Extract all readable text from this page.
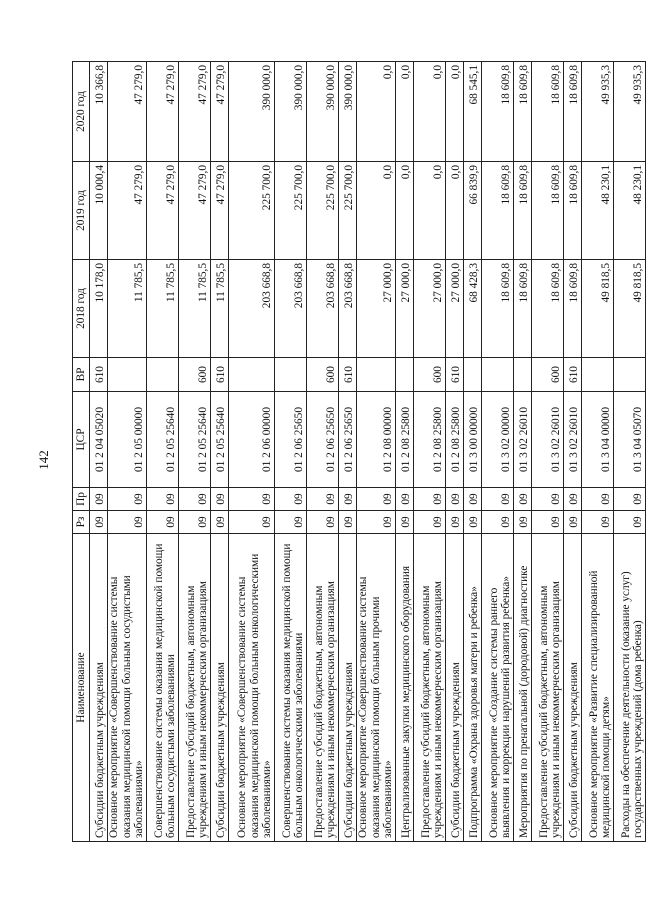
142
Наименование	Рз	Пр	ЦСР	ВР	2018 год	2019 год	2020 год
Субсидии бюджетным учреждениям	09	09	01 2 04 05020	610	10 178,0	10 000,4	10 366,8
Основное мероприятие «Совершенствование системы оказания медицинской помощи больным сосудистыми заболеваниями»	09	09	01 2 05 00000		11 785,5	47 279,0	47 279,0
Совершенствование системы оказания медицинской помощи больным сосудистыми заболеваниями	09	09	01 2 05 25640		11 785,5	47 279,0	47 279,0
Предоставление субсидий бюджетным, автономным учреждениям и иным некоммерческим организациям	09	09	01 2 05 25640	600	11 785,5	47 279,0	47 279,0
Субсидии бюджетным учреждениям	09	09	01 2 05 25640	610	11 785,5	47 279,0	47 279,0
Основное мероприятие «Совершенствование системы оказания медицинской помощи больным онкологическими заболеваниями»	09	09	01 2 06 00000		203 668,8	225 700,0	390 000,0
Совершенствование системы оказания медицинской помощи больным онкологическими заболеваниями	09	09	01 2 06 25650		203 668,8	225 700,0	390 000,0
Предоставление субсидий бюджетным, автономным учреждениям и иным некоммерческим организациям	09	09	01 2 06 25650	600	203 668,8	225 700,0	390 000,0
Субсидии бюджетным учреждениям	09	09	01 2 06 25650	610	203 668,8	225 700,0	390 000,0
Основное мероприятие «Совершенствование системы оказания медицинской помощи больным прочими заболеваниями»	09	09	01 2 08 00000		27 000,0	0,0	0,0
Централизованные закупки медицинского оборудования	09	09	01 2 08 25800		27 000,0	0,0	0,0
Предоставление субсидий бюджетным, автономным учреждениям и иным некоммерческим организациям	09	09	01 2 08 25800	600	27 000,0	0,0	0,0
Субсидии бюджетным учреждениям	09	09	01 2 08 25800	610	27 000,0	0,0	0,0
Подпрограмма «Охрана здоровья матери и ребенка»	09	09	01 3 00 00000		68 428,3	66 839,9	68 545,1
Основное мероприятие «Создание системы раннего выявления и коррекции нарушений развития ребенка»	09	09	01 3 02 00000		18 609,8	18 609,8	18 609,8
Мероприятия по пренатальной (дородовой) диагностике	09	09	01 3 02 26010		18 609,8	18 609,8	18 609,8
Предоставление субсидий бюджетным, автономным учреждениям и иным некоммерческим организациям	09	09	01 3 02 26010	600	18 609,8	18 609,8	18 609,8
Субсидии бюджетным учреждениям	09	09	01 3 02 26010	610	18 609,8	18 609,8	18 609,8
Основное мероприятие «Развитие специализированной медицинской помощи детям»	09	09	01 3 04 00000		49 818,5	48 230,1	49 935,3
Расходы на обеспечение деятельности (оказание услуг) государственных учреждений (дома ребенка)	09	09	01 3 04 05070		49 818,5	48 230,1	49 935,3
